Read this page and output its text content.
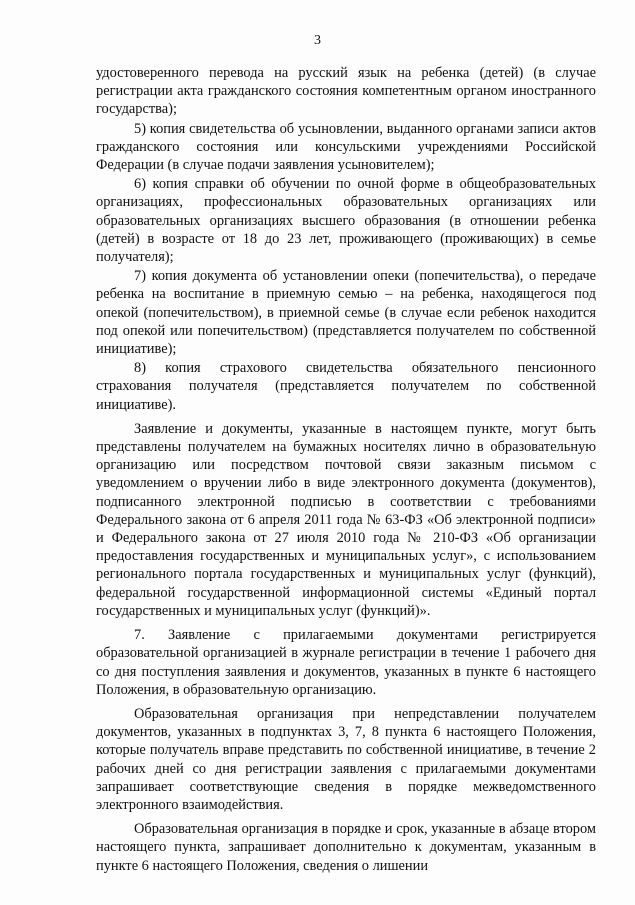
3

удостоверенного перевода на русский язык на ребенка (детей) (в случае регистрации акта гражданского состояния компетентным органом иностранного государства);

5) копия свидетельства об усыновлении, выданного органами записи актов гражданского состояния или консульскими учреждениями Российской Федерации (в случае подачи заявления усыновителем);

6) копия справки об обучении по очной форме в общеобразовательных организациях, профессиональных образовательных организациях или образовательных организациях высшего образования (в отношении ребенка (детей) в возрасте от 18 до 23 лет, проживающего (проживающих) в семье получателя);

7) копия документа об установлении опеки (попечительства), о передаче ребенка на воспитание в приемную семью – на ребенка, находящегося под опекой (попечительством), в приемной семье (в случае если ребенок находится под опекой или попечительством) (представляется получателем по собственной инициативе);

8) копия страхового свидетельства обязательного пенсионного страхования получателя (представляется получателем по собственной инициативе).

Заявление и документы, указанные в настоящем пункте, могут быть представлены получателем на бумажных носителях лично в образовательную организацию или посредством почтовой связи заказным письмом с уведомлением о вручении либо в виде электронного документа (документов), подписанного электронной подписью в соответствии с требованиями Федерального закона от 6 апреля 2011 года № 63-ФЗ «Об электронной подписи» и Федерального закона от 27 июля 2010 года № 210-ФЗ «Об организации предоставления государственных и муниципальных услуг», с использованием регионального портала государственных и муниципальных услуг (функций), федеральной государственной информационной системы «Единый портал государственных и муниципальных услуг (функций)».

7. Заявление с прилагаемыми документами регистрируется образовательной организацией в журнале регистрации в течение 1 рабочего дня со дня поступления заявления и документов, указанных в пункте 6 настоящего Положения, в образовательную организацию.

Образовательная организация при непредставлении получателем документов, указанных в подпунктах 3, 7, 8 пункта 6 настоящего Положения, которые получатель вправе представить по собственной инициативе, в течение 2 рабочих дней со дня регистрации заявления с прилагаемыми документами запрашивает соответствующие сведения в порядке межведомственного электронного взаимодействия.

Образовательная организация в порядке и срок, указанные в абзаце втором настоящего пункта, запрашивает дополнительно к документам, указанным в пункте 6 настоящего Положения, сведения о лишении
